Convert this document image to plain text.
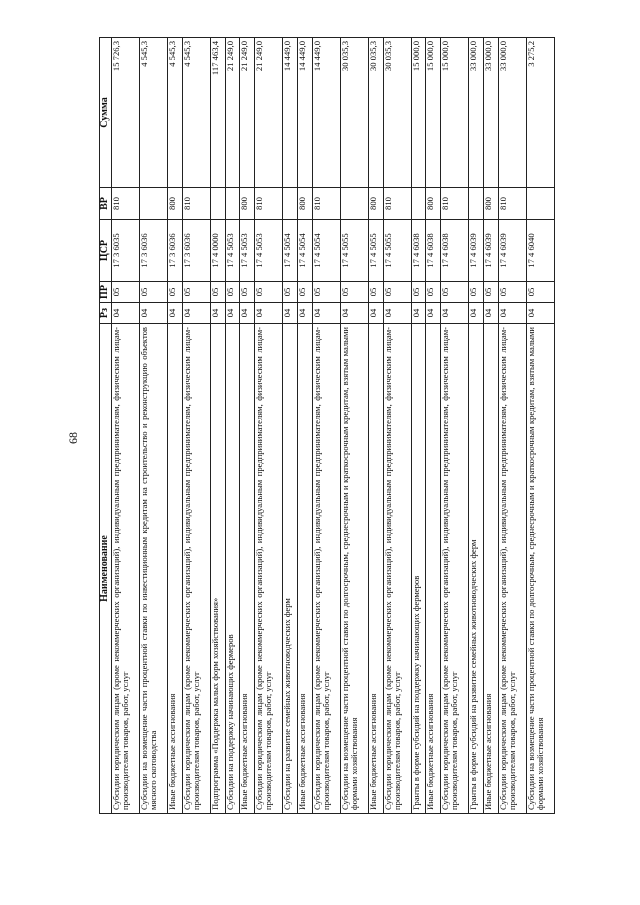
68
Наименование	Рз	ПР	ЦСР	ВР	Сумма
Субсидии юридическим лицам (кроме некоммерческих организаций), индивидуальным предпринимателям, физическим лицам-производителям товаров, работ, услуг	04	05	17 3 6035	810	15 726,3
Субсидии на возмещение части процентной ставки по инвестиционным кредитам на строительство и реконструкцию объектов мясного скотоводства	04	05	17 3 6036		4 545,3
Иные бюджетные ассигнования	04	05	17 3 6036	800	4 545,3
Субсидии юридическим лицам (кроме некоммерческих организаций), индивидуальным предпринимателям, физическим лицам-производителям товаров, работ, услуг	04	05	17 3 6036	810	4 545,3
Подпрограмма «Поддержка малых форм хозяйствования»	04	05	17 4 0000		117 463,4
Субсидии на поддержку начинающих фермеров	04	05	17 4 5053		21 249,0
Иные бюджетные ассигнования	04	05	17 4 5053	800	21 249,0
Субсидии юридическим лицам (кроме некоммерческих организаций), индивидуальным предпринимателям, физическим лицам-производителям товаров, работ, услуг	04	05	17 4 5053	810	21 249,0
Субсидии на развитие семейных животноводческих ферм	04	05	17 4 5054		14 449,0
Иные бюджетные ассигнования	04	05	17 4 5054	800	14 449,0
Субсидии юридическим лицам (кроме некоммерческих организаций), индивидуальным предпринимателям, физическим лицам-производителям товаров, работ, услуг	04	05	17 4 5054	810	14 449,0
Субсидии на возмещение части процентной ставки по долгосрочным, среднесрочным и краткосрочным кредитам, взятым малыми формами хозяйствования	04	05	17 4 5055		30 035,3
Иные бюджетные ассигнования	04	05	17 4 5055	800	30 035,3
Субсидии юридическим лицам (кроме некоммерческих организаций), индивидуальным предпринимателям, физическим лицам-производителям товаров, работ, услуг	04	05	17 4 5055	810	30 035,3
Гранты в форме субсидий на поддержку начинающих фермеров	04	05	17 4 6038		15 000,0
Иные бюджетные ассигнования	04	05	17 4 6038	800	15 000,0
Субсидии юридическим лицам (кроме некоммерческих организаций), индивидуальным предпринимателям, физическим лицам-производителям товаров, работ, услуг	04	05	17 4 6038	810	15 000,0
Гранты в форме субсидий на развитие семейных животноводческих ферм	04	05	17 4 6039		33 000,0
Иные бюджетные ассигнования	04	05	17 4 6039	800	33 000,0
Субсидии юридическим лицам (кроме некоммерческих организаций), индивидуальным предпринимателям, физическим лицам-производителям товаров, работ, услуг	04	05	17 4 6039	810	33 000,0
Субсидии на возмещение части процентной ставки по долгосрочным, среднесрочным и краткосрочным кредитам, взятым малыми формами хозяйствования	04	05	17 4 6040		3 275,2
